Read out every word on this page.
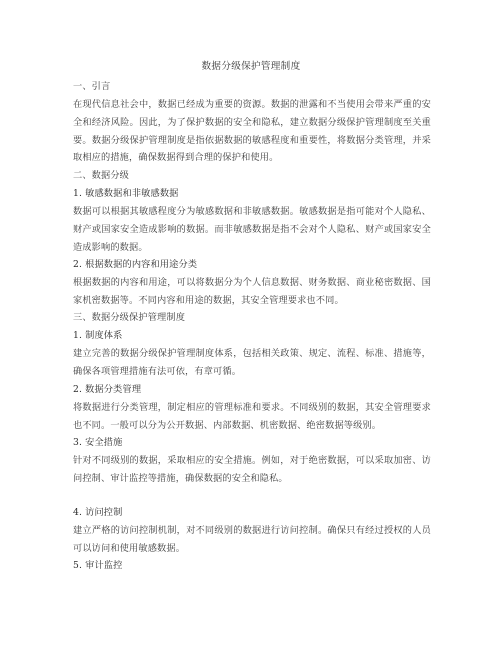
数据分级保护管理制度
一、引言
在现代信息社会中，数据已经成为重要的资源。数据的泄露和不当使用会带来严重的安全和经济风险。因此，为了保护数据的安全和隐私，建立数据分级保护管理制度至关重要。数据分级保护管理制度是指依据数据的敏感程度和重要性，将数据分类管理，并采取相应的措施，确保数据得到合理的保护和使用。
二、数据分级
1. 敏感数据和非敏感数据
数据可以根据其敏感程度分为敏感数据和非敏感数据。敏感数据是指可能对个人隐私、财产或国家安全造成影响的数据。而非敏感数据是指不会对个人隐私、财产或国家安全造成影响的数据。
2. 根据数据的内容和用途分类
根据数据的内容和用途，可以将数据分为个人信息数据、财务数据、商业秘密数据、国家机密数据等。不同内容和用途的数据，其安全管理要求也不同。
三、数据分级保护管理制度
1. 制度体系
建立完善的数据分级保护管理制度体系，包括相关政策、规定、流程、标准、措施等，确保各项管理措施有法可依，有章可循。
2. 数据分类管理
将数据进行分类管理，制定相应的管理标准和要求。不同级别的数据，其安全管理要求也不同。一般可以分为公开数据、内部数据、机密数据、绝密数据等级别。
3. 安全措施
针对不同级别的数据，采取相应的安全措施。例如，对于绝密数据，可以采取加密、访问控制、审计监控等措施，确保数据的安全和隐私。
4. 访问控制
建立严格的访问控制机制，对不同级别的数据进行访问控制。确保只有经过授权的人员可以访问和使用敏感数据。
5. 审计监控
